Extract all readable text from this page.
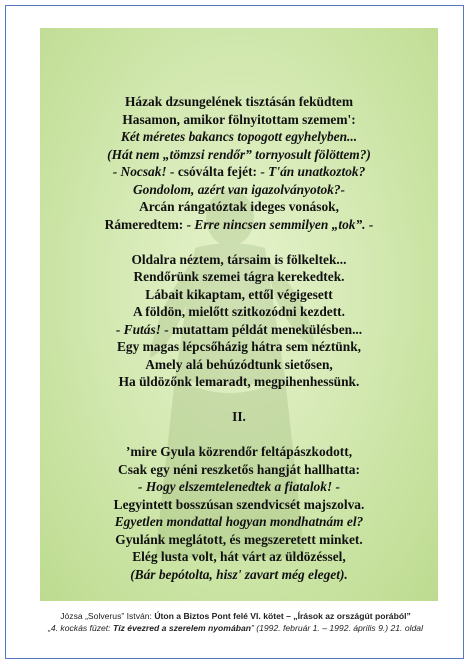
Házak dzsungelének tisztásán feküdtem
Hasamon, amikor fölnyitottam szemem':
Két méretes bakancs topogott egyhelyben...
(Hát nem „tömzsi rendőr” tornyosult fölöttem?)
- Nocsak! - csóválta fejét: - T'án unatkoztok?
Gondolom, azért van igazolványotok?-
Arcán rángatóztak ideges vonások,
Rámeredtem: - Erre nincsen semmilyen „tok”. -
Oldalra néztem, társaim is fölkeltek...
Rendőrünk szemei tágra kerekedtek.
Lábait kikaptam, ettől végigesett
A földön, mielőtt szitkozódni kezdett.
- Futás! - mutattam példát menekülésben...
Egy magas lépcsőházig hátra sem néztünk,
Amely alá behúzódtunk sietősen,
Ha üldözőnk lemaradt, megpihenhessünk.
II.
’mire Gyula közrendőr feltápászkodott,
Csak egy néni reszketős hangját hallhatta:
- Hogy elszemtelenedtek a fiatalok! -
Legyintett bosszúsan szendvicsét majszolva.
Egyetlen mondattal hogyan mondhatnám el?
Gyulánk meglátott, és megszeretett minket.
Elég lusta volt, hát várt az üldözéssel,
(Bár bepótolta, hisz' zavart még eleget).
Józsa „Solverus” István: Úton a Biztos Pont felé VI. kötet – „Írások az országút porából”
„4. kockás füzet: Tíz évezred a szerelem nyomában” (1992. február 1. – 1992. április 9.) 21. oldal
